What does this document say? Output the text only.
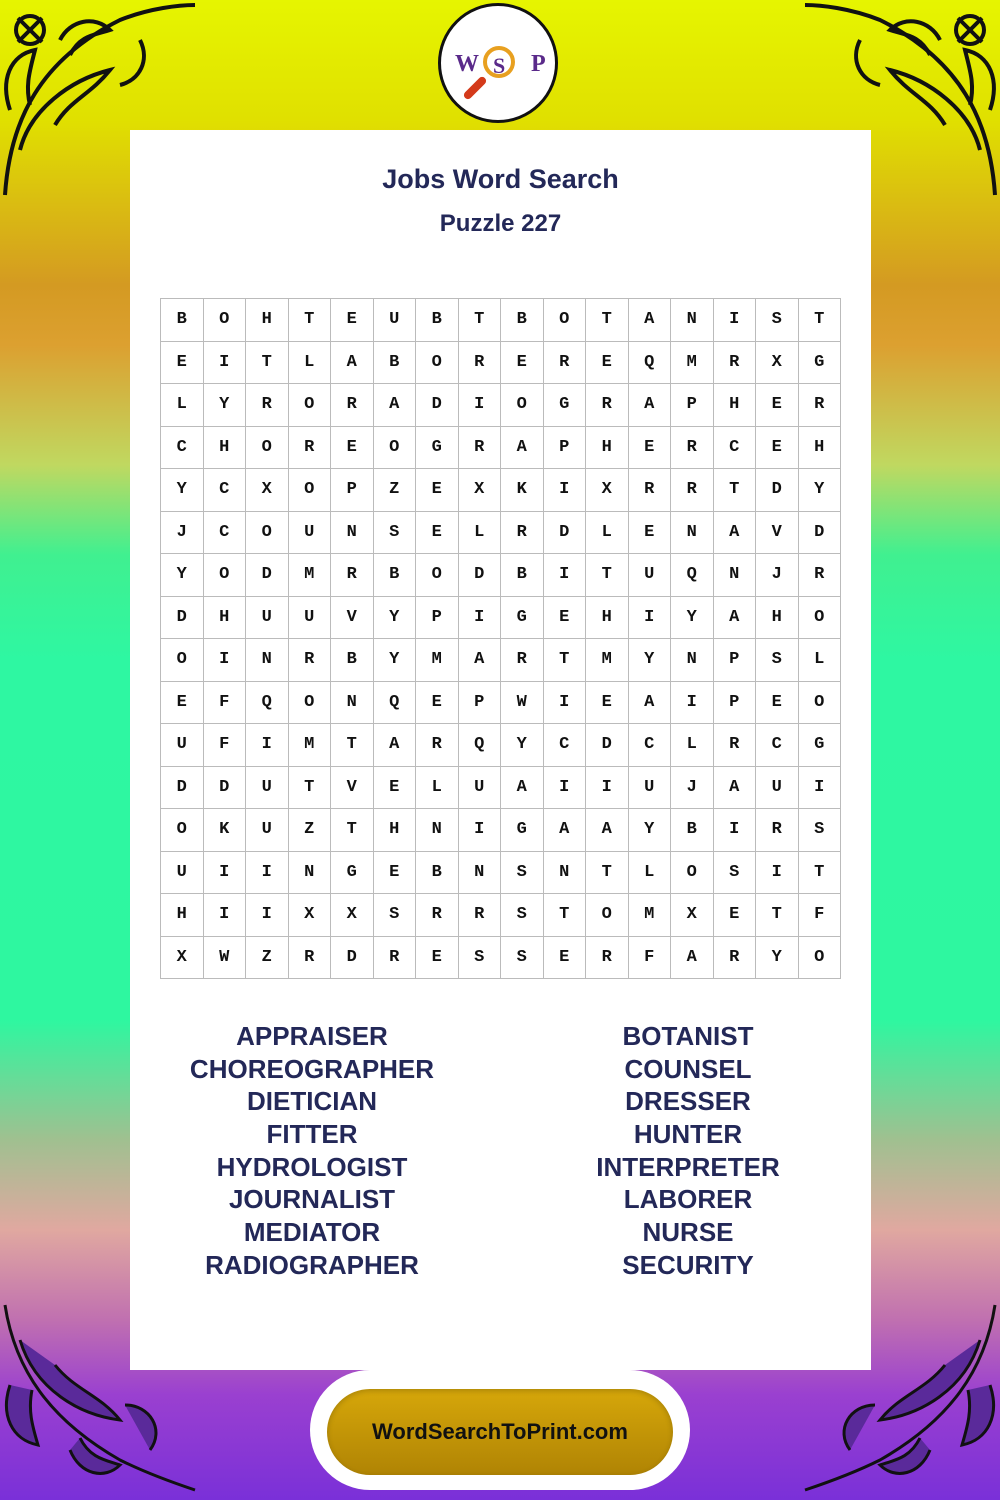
W S P
Jobs Word Search
Puzzle 227
B	O	H	T	E	U	B	T	B	O	T	A	N	I	S	T
E	I	T	L	A	B	O	R	E	R	E	Q	M	R	X	G
L	Y	R	O	R	A	D	I	O	G	R	A	P	H	E	R
C	H	O	R	E	O	G	R	A	P	H	E	R	C	E	H
Y	C	X	O	P	Z	E	X	K	I	X	R	R	T	D	Y
J	C	O	U	N	S	E	L	R	D	L	E	N	A	V	D
Y	O	D	M	R	B	O	D	B	I	T	U	Q	N	J	R
D	H	U	U	V	Y	P	I	G	E	H	I	Y	A	H	O
O	I	N	R	B	Y	M	A	R	T	M	Y	N	P	S	L
E	F	Q	O	N	Q	E	P	W	I	E	A	I	P	E	O
U	F	I	M	T	A	R	Q	Y	C	D	C	L	R	C	G
D	D	U	T	V	E	L	U	A	I	I	U	J	A	U	I
O	K	U	Z	T	H	N	I	G	A	A	Y	B	I	R	S
U	I	I	N	G	E	B	N	S	N	T	L	O	S	I	T
H	I	I	X	X	S	R	R	S	T	O	M	X	E	T	F
X	W	Z	R	D	R	E	S	S	E	R	F	A	R	Y	O
APPRAISER
CHOREOGRAPHER
DIETICIAN
FITTER
HYDROLOGIST
JOURNALIST
MEDIATOR
RADIOGRAPHER
BOTANIST
COUNSEL
DRESSER
HUNTER
INTERPRETER
LABORER
NURSE
SECURITY
WordSearchToPrint.com
